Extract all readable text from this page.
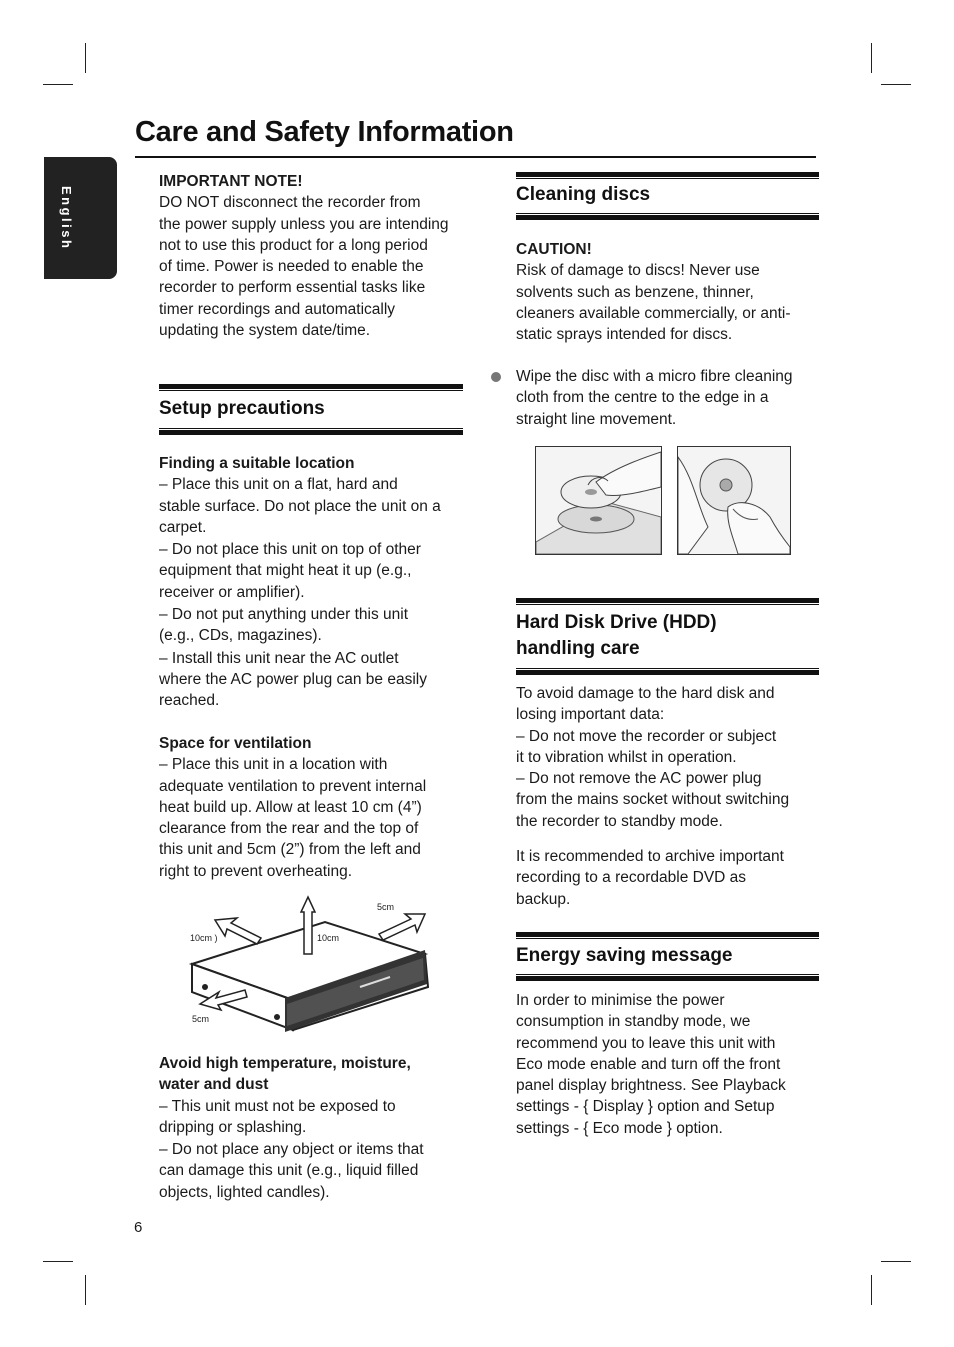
Care and Safety Information
English

IMPORTANT NOTE!

DO NOT disconnect the recorder from

the power supply unless you are intending

not to use this product for a long period

of time. Power is needed to enable the

recorder to perform essential tasks like

timer recordings and automatically

updating the system date/time.

Setup precautions

Finding a suitable location

– Place this unit on a flat, hard and

stable surface. Do not place the unit on a

carpet.

– Do not place this unit on top of other

equipment that might heat it up (e.g.,

receiver or amplifier).

– Do not put anything under this unit

(e.g., CDs, magazines).

– Install this unit near the AC outlet

where the AC power plug can be easily

reached.

Space for ventilation

– Place this unit in a location with

adequate ventilation to prevent internal

heat build up. Allow at least 10 cm (4”)

clearance from the rear and the top of

this unit and 5cm (2”) from the left and

right to prevent overheating.

5cm
10cm )	10cm
5cm

Avoid high temperature, moisture,

water and dust

– This unit must not be exposed to

dripping or splashing.

– Do not place any object or items that

can damage this unit (e.g., liquid filled

objects, lighted candles).

6
Cleaning discs

CAUTION!

Risk of damage to discs! Never use

solvents such as benzene, thinner,

cleaners available commercially, or anti-

static sprays intended for discs.

Wipe the disc with a micro fibre cleaning

cloth from the centre to the edge in a

straight line movement.

Hard Disk Drive (HDD)
handling care

To avoid damage to the hard disk and

losing important data:

– Do not move the recorder or subject

it to vibration whilst in operation.

– Do not remove the AC power plug

from the mains socket without switching

the recorder to standby mode.

It is recommended to archive important

recording to a recordable DVD as

backup.

Energy saving message

In order to minimise the power

consumption in standby mode, we

recommend you to leave this unit with

Eco mode enable and turn off the front

panel display brightness. See Playback

settings - { Display } option and Setup

settings - { Eco mode } option.
